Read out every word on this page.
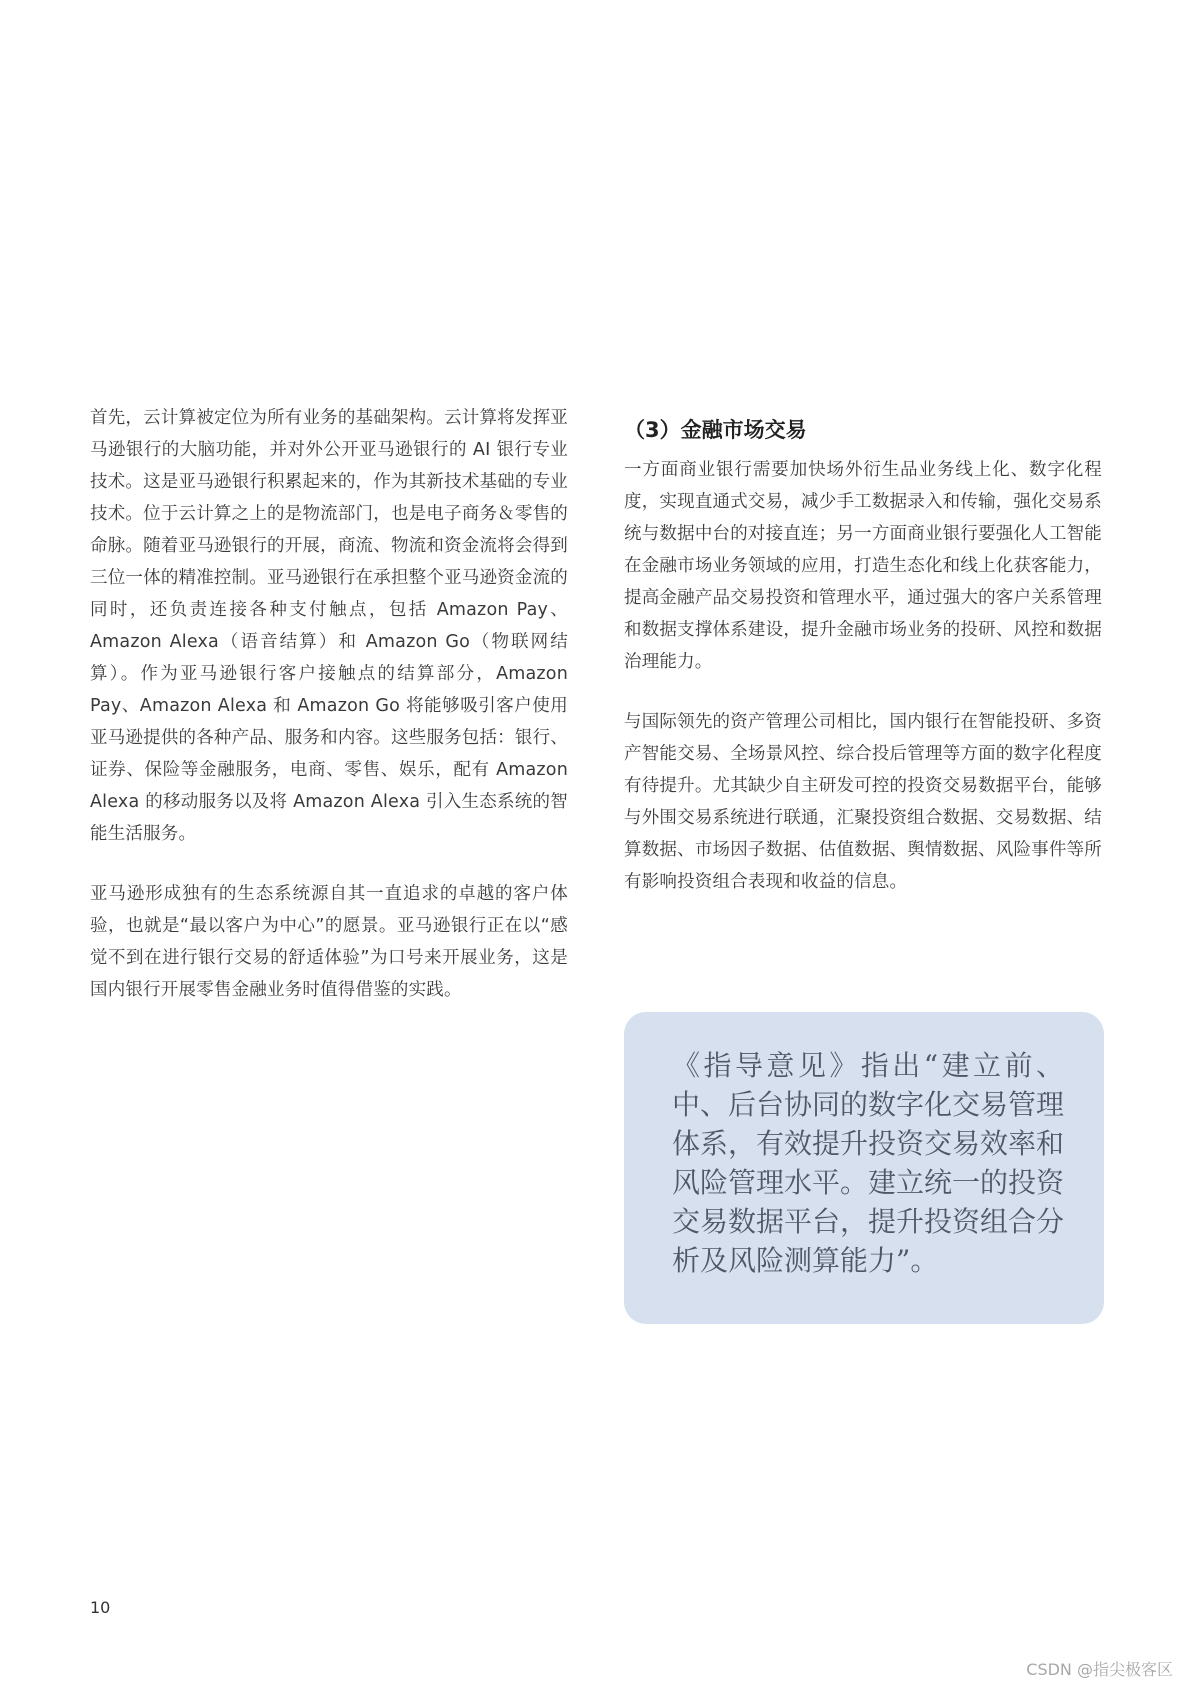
首先，云计算被定位为所有业务的基础架构。云计算将发挥亚马逊银行的大脑功能，并对外公开亚马逊银行的 AI 银行专业技术。这是亚马逊银行积累起来的，作为其新技术基础的专业技术。位于云计算之上的是物流部门，也是电子商务＆零售的命脉。随着亚马逊银行的开展，商流、物流和资金流将会得到三位一体的精准控制。亚马逊银行在承担整个亚马逊资金流的同时，还负责连接各种支付触点，包括 Amazon Pay、Amazon Alexa（语音结算）和 Amazon Go（物联网结算）。作为亚马逊银行客户接触点的结算部分，Amazon Pay、Amazon Alexa 和 Amazon Go 将能够吸引客户使用亚马逊提供的各种产品、服务和内容。这些服务包括：银行、证券、保险等金融服务，电商、零售、娱乐，配有 Amazon Alexa 的移动服务以及将 Amazon Alexa 引入生态系统的智能生活服务。

亚马逊形成独有的生态系统源自其一直追求的卓越的客户体验，也就是“最以客户为中心”的愿景。亚马逊银行正在以“感觉不到在进行银行交易的舒适体验”为口号来开展业务，这是国内银行开展零售金融业务时值得借鉴的实践。

（3）金融市场交易

一方面商业银行需要加快场外衍生品业务线上化、数字化程度，实现直通式交易，减少手工数据录入和传输，强化交易系统与数据中台的对接直连；另一方面商业银行要强化人工智能在金融市场业务领域的应用，打造生态化和线上化获客能力，提高金融产品交易投资和管理水平，通过强大的客户关系管理和数据支撑体系建设，提升金融市场业务的投研、风控和数据治理能力。

与国际领先的资产管理公司相比，国内银行在智能投研、多资产智能交易、全场景风控、综合投后管理等方面的数字化程度有待提升。尤其缺少自主研发可控的投资交易数据平台，能够与外围交易系统进行联通，汇聚投资组合数据、交易数据、结算数据、市场因子数据、估值数据、舆情数据、风险事件等所有影响投资组合表现和收益的信息。

《指导意见》指出“建立前、中、后台协同的数字化交易管理体系，有效提升投资交易效率和风险管理水平。建立统一的投资交易数据平台，提升投资组合分析及风险测算能力”。

10
CSDN @指尖极客区
